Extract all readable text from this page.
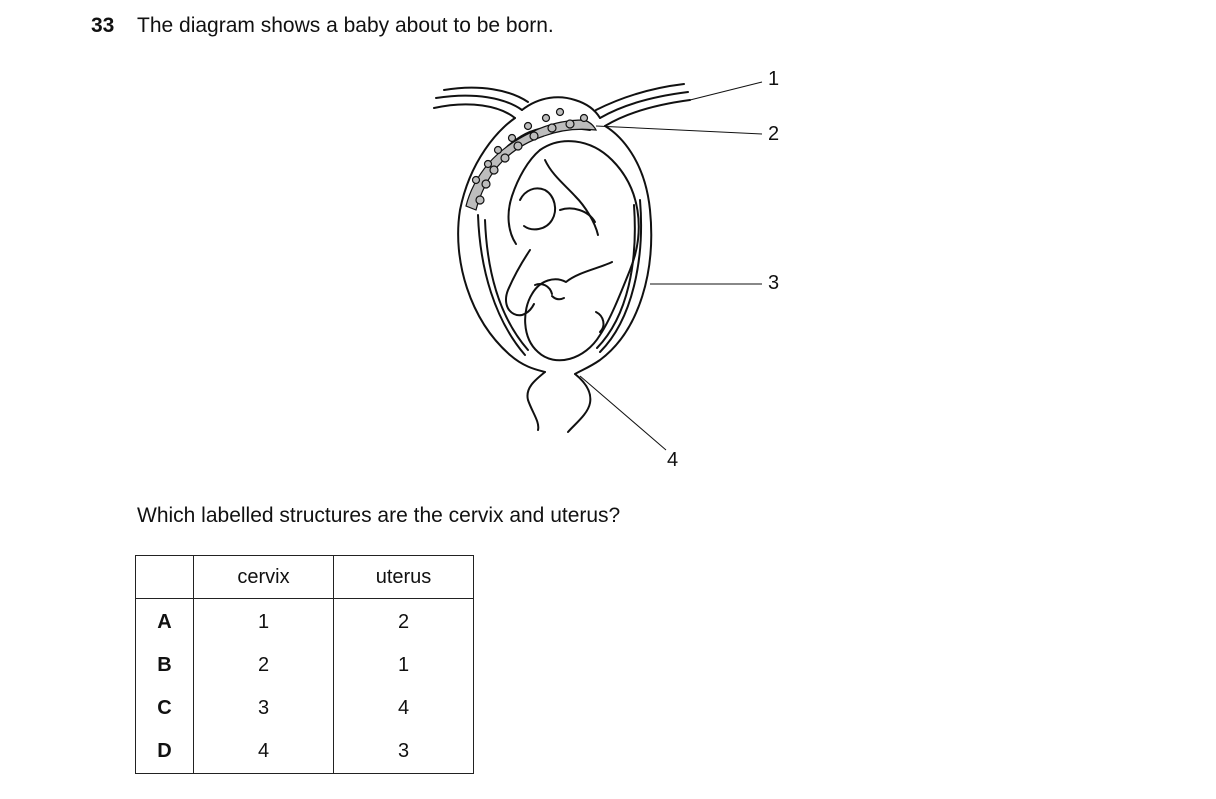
33 The diagram shows a baby about to be born.
1
2
3
4
Which labelled structures are the cervix and uterus?
	cervix	uterus
A	1	2
B	2	1
C	3	4
D	4	3
